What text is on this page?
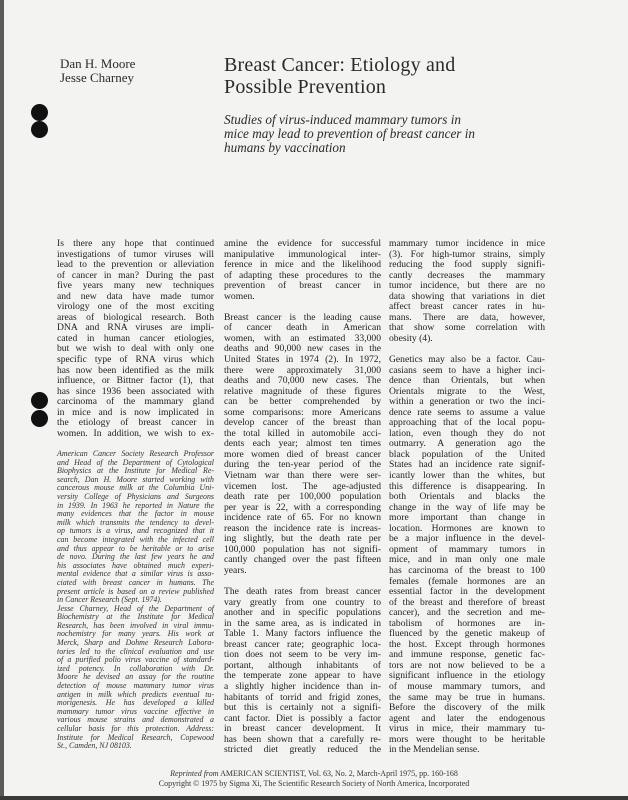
Dan H. Moore
Jesse Charney
Breast Cancer: Etiology and
Possible Prevention
Studies of virus-induced mammary tumors in
mice may lead to prevention of breast cancer in
humans by vaccination
Is there any hope that continued
investigations of tumor viruses will
lead to the prevention or alleviation
of cancer in man? During the past
five years many new techniques
and new data have made tumor
virology one of the most exciting
areas of biological research. Both
DNA and RNA viruses are impli-
cated in human cancer etiologies,
but we wish to deal with only one
specific type of RNA virus which
has now been identified as the milk
influence, or Bittner factor (1), that
has since 1936 been associated with
carcinoma of the mammary gland
in mice and is now implicated in
the etiology of breast cancer in
women. In addition, we wish to ex-
American Cancer Society Research Professor
and Head of the Department of Cytological
Biophysics at the Institute for Medical Re-
search, Dan H. Moore started working with
cancerous mouse milk at the Columbia Uni-
versity College of Physicians and Surgeons
in 1939. In 1963 he reported in Nature the
many evidences that the factor in mouse
milk which transmits the tendency to devel-
op tumors is a virus, and recognized that it
can become integrated with the infected cell
and thus appear to be heritable or to arise
de novo. During the last few years he and
his associates have obtained much experi-
mental evidence that a similar virus is asso-
ciated with breast cancer in humans. The
present article is based on a review published
in Cancer Research (Sept. 1974).
Jesse Charney, Head of the Department of
Biochemistry at the Institute for Medical
Research, has been involved in viral immu-
nochemistry for many years. His work at
Merck, Sharp and Dohme Research Labora-
tories led to the clinical evaluation and use
of a purified polio virus vaccine of standard-
ized potency. In collaboration with Dr.
Moore he devised an assay for the routine
detection of mouse mammary tumor virus
antigen in milk which predicts eventual tu-
morigenesis. He has developed a killed
mammary tumor virus vaccine effective in
various mouse strains and demonstrated a
cellular basis for this protection. Address:
Institute for Medical Research, Copewood
St., Camden, NJ 08103.
amine the evidence for successful
manipulative immunological inter-
ference in mice and the likelihood
of adapting these procedures to the
prevention of breast cancer in
women.
Breast cancer is the leading cause
of cancer death in American
women, with an estimated 33,000
deaths and 90,000 new cases in the
United States in 1974 (2). In 1972,
there were approximately 31,000
deaths and 70,000 new cases. The
relative magnitude of these figures
can be better comprehended by
some comparisons: more Americans
develop cancer of the breast than
the total killed in automobile acci-
dents each year; almost ten times
more women died of breast cancer
during the ten-year period of the
Vietnam war than there were ser-
vicemen lost. The age-adjusted
death rate per 100,000 population
per year is 22, with a corresponding
incidence rate of 65. For no known
reason the incidence rate is increas-
ing slightly, but the death rate per
100,000 population has not signifi-
cantly changed over the past fifteen
years.
The death rates from breast cancer
vary greatly from one country to
another and in specific populations
in the same area, as is indicated in
Table 1. Many factors influence the
breast cancer rate; geographic loca-
tion does not seem to be very im-
portant, although inhabitants of
the temperate zone appear to have
a slightly higher incidence than in-
habitants of torrid and frigid zones,
but this is certainly not a signifi-
cant factor. Diet is possibly a factor
in breast cancer development. It
has been shown that a carefully re-
stricted diet greatly reduced the
mammary tumor incidence in mice
(3). For high-tumor strains, simply
reducing the food supply signifi-
cantly decreases the mammary
tumor incidence, but there are no
data showing that variations in diet
affect breast cancer rates in hu-
mans. There are data, however,
that show some correlation with
obesity (4).
Genetics may also be a factor. Cau-
casians seem to have a higher inci-
dence than Orientals, but when
Orientals migrate to the West,
within a generation or two the inci-
dence rate seems to assume a value
approaching that of the local popu-
lation, even though they do not
outmarry. A generation ago the
black population of the United
States had an incidence rate signif-
icantly lower than the whites, but
this difference is disappearing. In
both Orientals and blacks the
change in the way of life may be
more important than change in
location. Hormones are known to
be a major influence in the devel-
opment of mammary tumors in
mice, and in man only one male
has carcinoma of the breast to 100
females (female hormones are an
essential factor in the development
of the breast and therefore of breast
cancer), and the secretion and me-
tabolism of hormones are in-
fluenced by the genetic makeup of
the host. Except through hormones
and immune response, genetic fac-
tors are not now believed to be a
significant influence in the etiology
of mouse mammary tumors, and
the same may be true in humans.
Before the discovery of the milk
agent and later the endogenous
virus in mice, their mammary tu-
mors were thought to be heritable
in the Mendelian sense.
Reprinted from AMERICAN SCIENTIST, Vol. 63, No. 2, March-April 1975, pp. 160-168
Copyright © 1975 by Sigma Xi, The Scientific Research Society of North America, Incorporated
